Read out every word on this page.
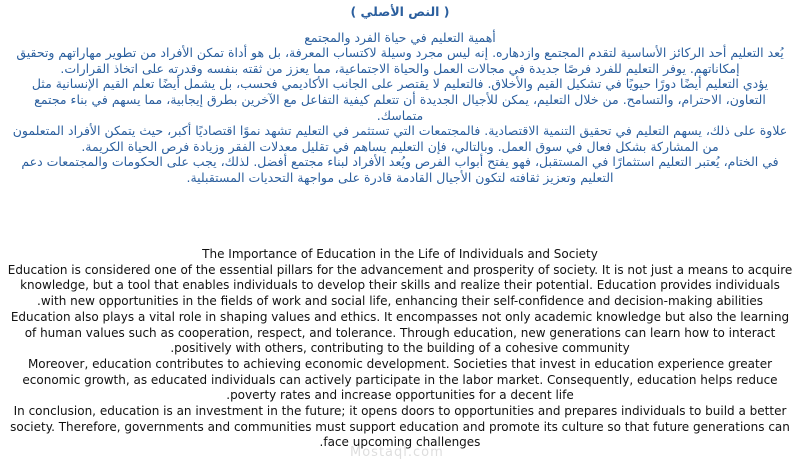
( النص الأصلي )

أهمية التعليم في حياة الفرد والمجتمع

يُعد التعليم أحد الركائز الأساسية لتقدم المجتمع وازدهاره. إنه ليس مجرد وسيلة لاكتساب المعرفة، بل هو أداة تمكن الأفراد من تطوير مهاراتهم وتحقيق إمكاناتهم. يوفر التعليم للفرد فرصًا جديدة في مجالات العمل والحياة الاجتماعية، مما يعزز من ثقته بنفسه وقدرته على اتخاذ القرارات.

يؤدي التعليم أيضًا دورًا حيويًا في تشكيل القيم والأخلاق. فالتعليم لا يقتصر على الجانب الأكاديمي فحسب، بل يشمل أيضًا تعلم القيم الإنسانية مثل التعاون، الاحترام، والتسامح. من خلال التعليم، يمكن للأجيال الجديدة أن تتعلم كيفية التفاعل مع الآخرين بطرق إيجابية، مما يسهم في بناء مجتمع متماسك.

علاوة على ذلك، يسهم التعليم في تحقيق التنمية الاقتصادية. فالمجتمعات التي تستثمر في التعليم تشهد نموًا اقتصاديًا أكبر، حيث يتمكن الأفراد المتعلمون من المشاركة بشكل فعال في سوق العمل. وبالتالي، فإن التعليم يساهم في تقليل معدلات الفقر وزيادة فرص الحياة الكريمة.

في الختام، يُعتبر التعليم استثمارًا في المستقبل، فهو يفتح أبواب الفرص ويُعد الأفراد لبناء مجتمع أفضل. لذلك، يجب على الحكومات والمجتمعات دعم التعليم وتعزيز ثقافته لتكون الأجيال القادمة قادرة على مواجهة التحديات المستقبلية.

The Importance of Education in the Life of Individuals and Society

Education is considered one of the essential pillars for the advancement and prosperity of society. It is not just a means to acquire knowledge, but a tool that enables individuals to develop their skills and realize their potential. Education provides individuals with new opportunities in the fields of work and social life, enhancing their self-confidence and decision-making abilities.

Education also plays a vital role in shaping values and ethics. It encompasses not only academic knowledge but also the learning of human values such as cooperation, respect, and tolerance. Through education, new generations can learn how to interact positively with others, contributing to the building of a cohesive community.

Moreover, education contributes to achieving economic development. Societies that invest in education experience greater economic growth, as educated individuals can actively participate in the labor market. Consequently, education helps reduce poverty rates and increase opportunities for a decent life.

In conclusion, education is an investment in the future; it opens doors to opportunities and prepares individuals to build a better society. Therefore, governments and communities must support education and promote its culture so that future generations can face upcoming challenges.

Mostaql.com
